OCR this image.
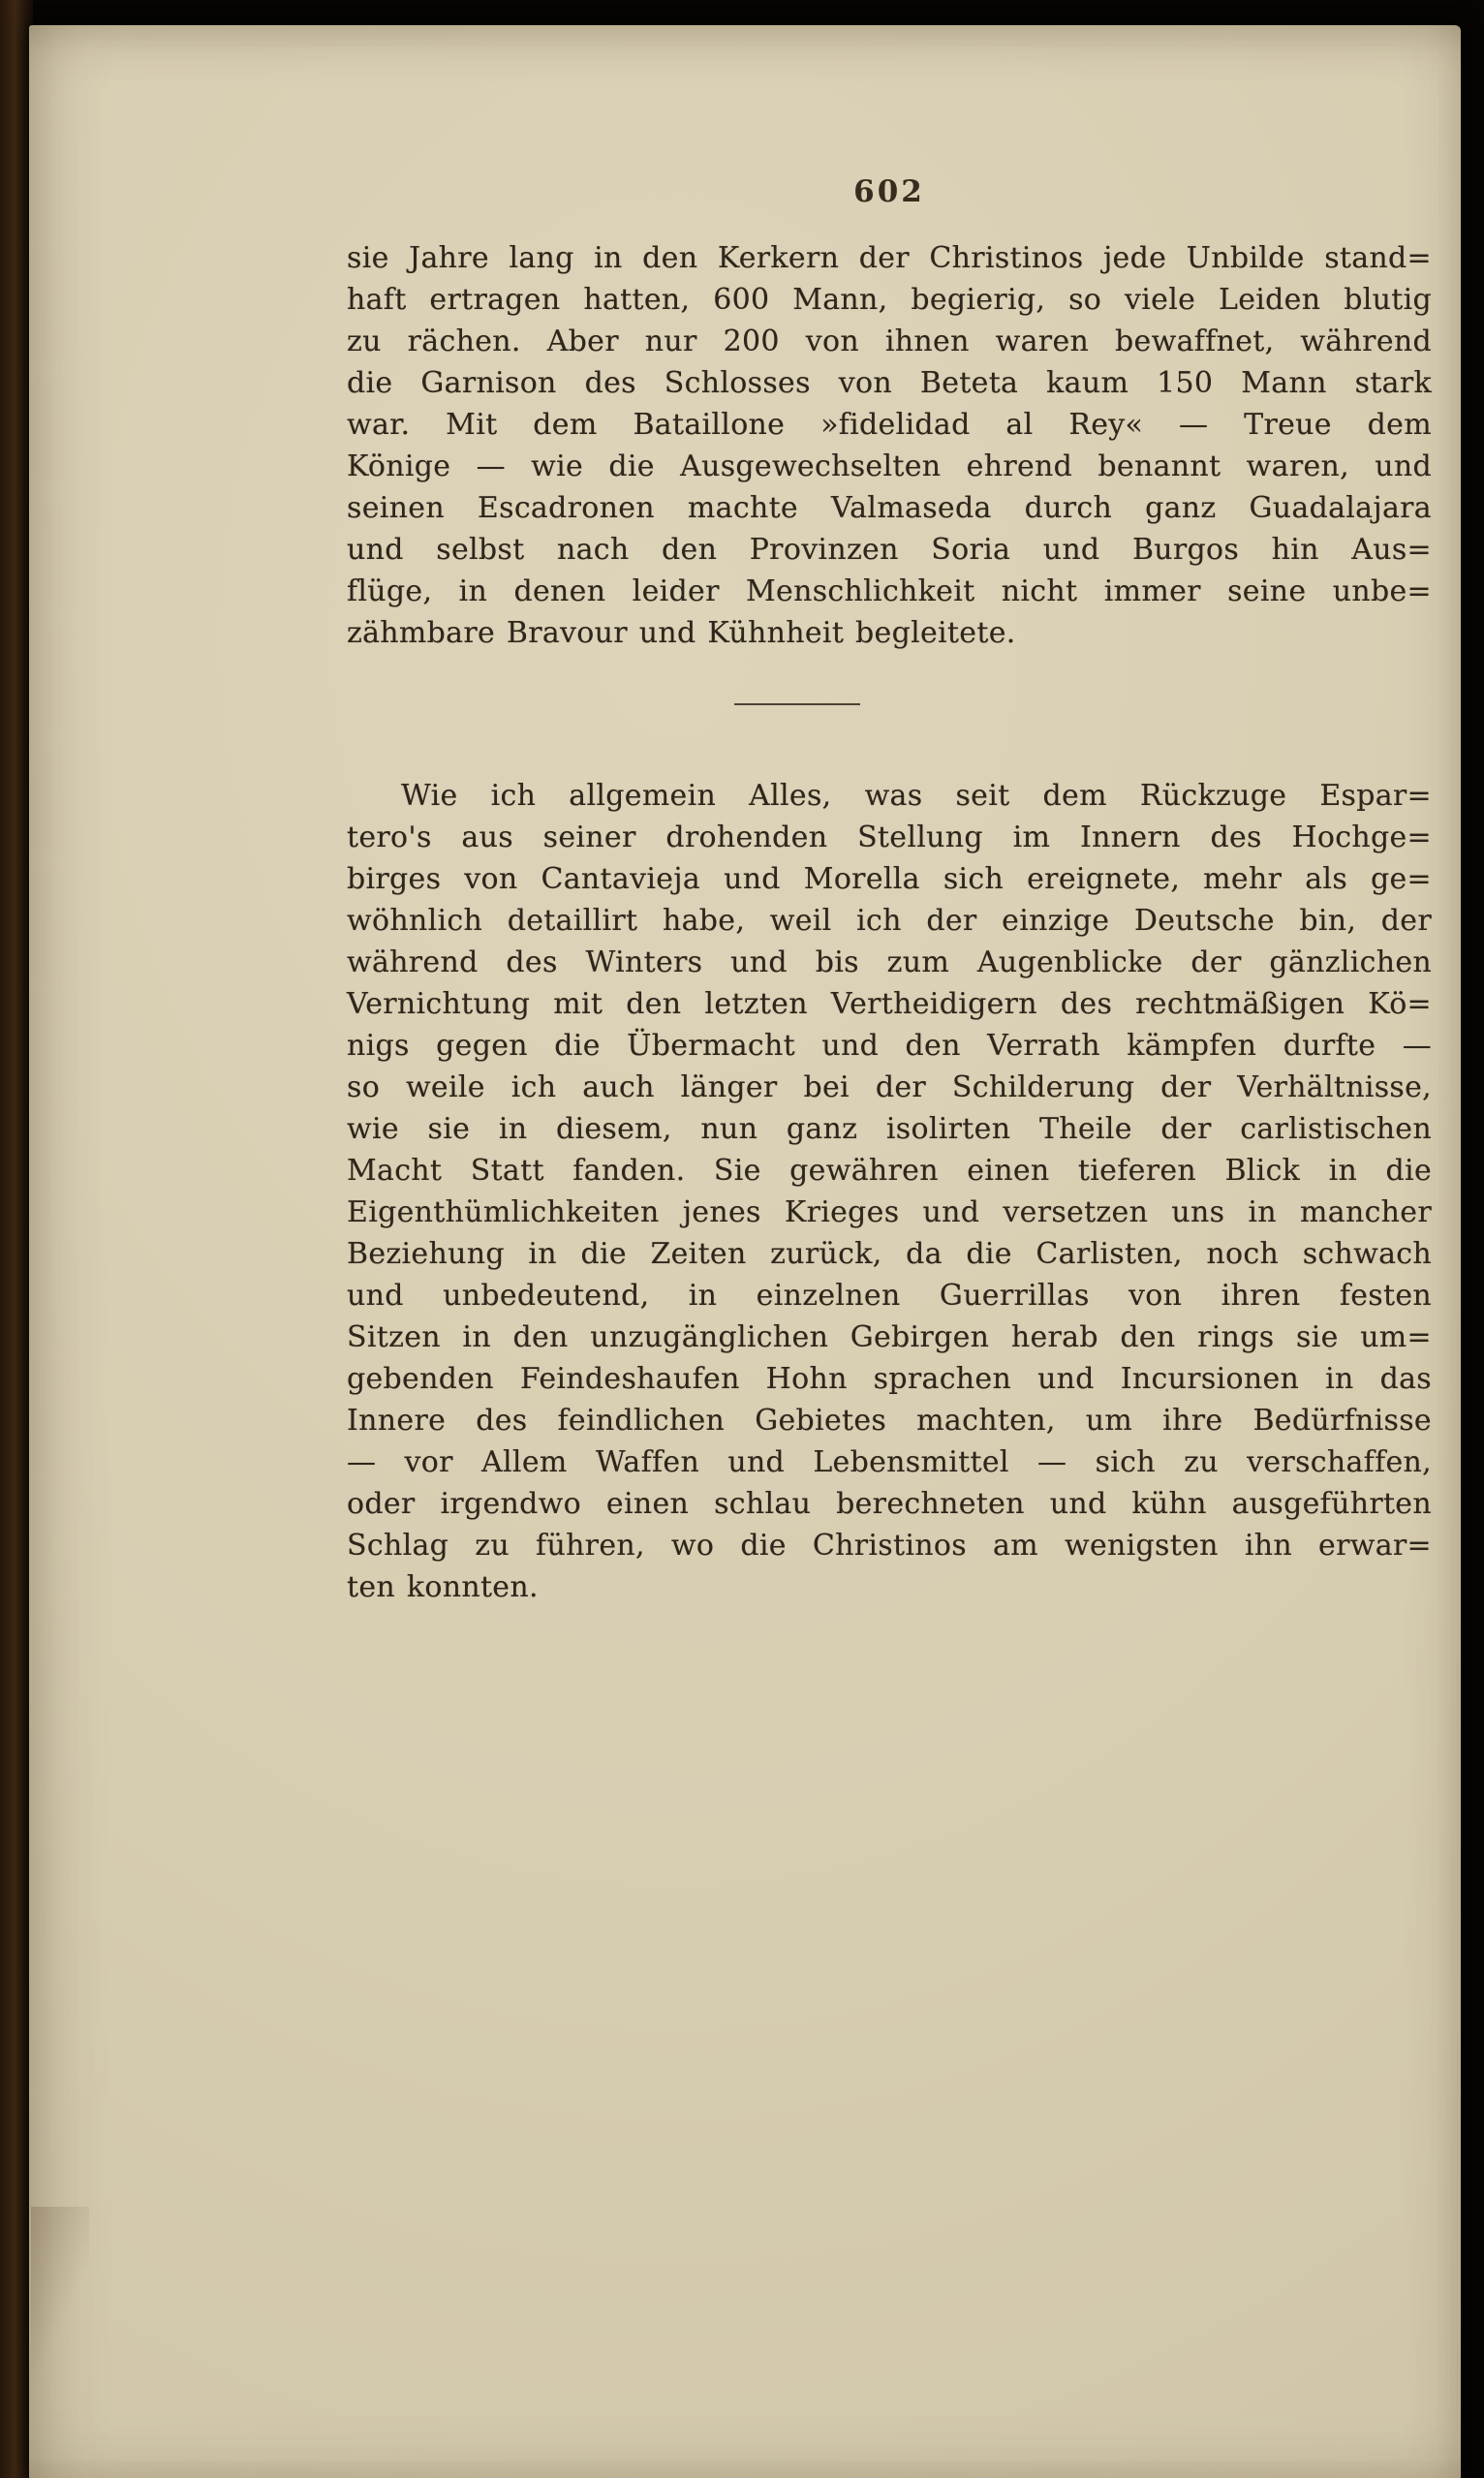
602
sie Jahre lang in den Kerkern der Christinos jede Unbilde stand=
haft ertragen hatten, 600 Mann, begierig, so viele Leiden blutig
zu rächen. Aber nur 200 von ihnen waren bewaffnet, während
die Garnison des Schlosses von Beteta kaum 150 Mann stark
war. Mit dem Bataillone »fidelidad al Rey« — Treue dem
Könige — wie die Ausgewechselten ehrend benannt waren, und
seinen Escadronen machte Valmaseda durch ganz Guadalajara
und selbst nach den Provinzen Soria und Burgos hin Aus=
flüge, in denen leider Menschlichkeit nicht immer seine unbe=
zähmbare Bravour und Kühnheit begleitete.
Wie ich allgemein Alles, was seit dem Rückzuge Espar=
tero's aus seiner drohenden Stellung im Innern des Hochge=
birges von Cantavieja und Morella sich ereignete, mehr als ge=
wöhnlich detaillirt habe, weil ich der einzige Deutsche bin, der
während des Winters und bis zum Augenblicke der gänzlichen
Vernichtung mit den letzten Vertheidigern des rechtmäßigen Kö=
nigs gegen die Übermacht und den Verrath kämpfen durfte —
so weile ich auch länger bei der Schilderung der Verhältnisse,
wie sie in diesem, nun ganz isolirten Theile der carlistischen
Macht Statt fanden. Sie gewähren einen tieferen Blick in die
Eigenthümlichkeiten jenes Krieges und versetzen uns in mancher
Beziehung in die Zeiten zurück, da die Carlisten, noch schwach
und unbedeutend, in einzelnen Guerrillas von ihren festen
Sitzen in den unzugänglichen Gebirgen herab den rings sie um=
gebenden Feindeshaufen Hohn sprachen und Incursionen in das
Innere des feindlichen Gebietes machten, um ihre Bedürfnisse
— vor Allem Waffen und Lebensmittel — sich zu verschaffen,
oder irgendwo einen schlau berechneten und kühn ausgeführten
Schlag zu führen, wo die Christinos am wenigsten ihn erwar=
ten konnten.
